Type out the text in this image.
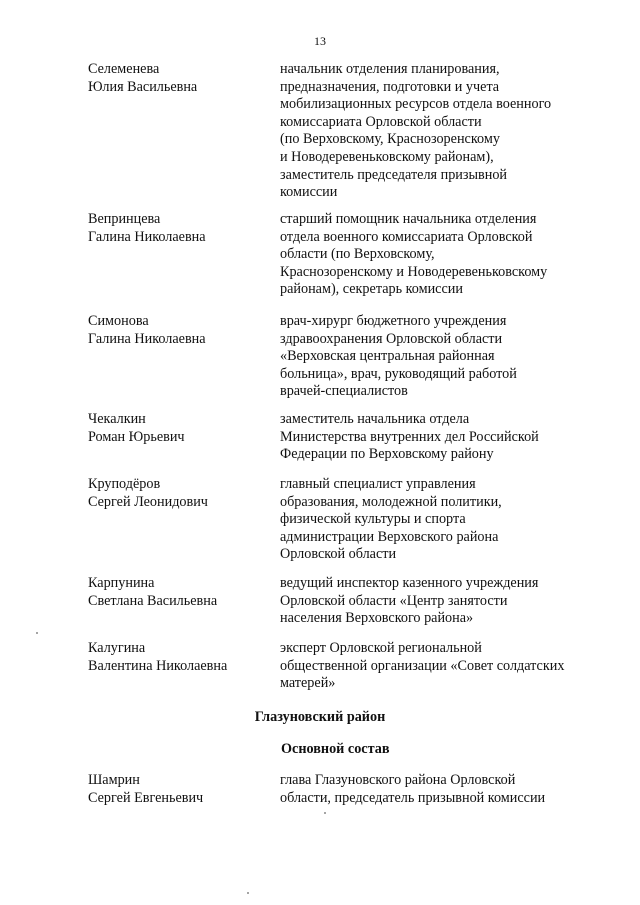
13
Селеменева
Юлия Васильевна
начальник отделения планирования,
предназначения, подготовки и учета
мобилизационных ресурсов отдела военного
комиссариата Орловской области
(по Верховскому, Краснозоренскому
и Новодеревеньковскому районам),
заместитель председателя призывной
комиссии
Вепринцева
Галина Николаевна
старший помощник начальника отделения
отдела военного комиссариата Орловской
области (по Верховскому,
Краснозоренскому и Новодеревеньковскому
районам), секретарь комиссии
Симонова
Галина Николаевна
врач-хирург бюджетного учреждения
здравоохранения Орловской области
«Верховская центральная районная
больница», врач, руководящий работой
врачей-специалистов
Чекалкин
Роман Юрьевич
заместитель начальника отдела
Министерства внутренних дел Российской
Федерации по Верховскому району
Круподёров
Сергей Леонидович
главный специалист управления
образования, молодежной политики,
физической культуры и спорта
администрации Верховского района
Орловской области
Карпунина
Светлана Васильевна
ведущий инспектор казенного учреждения
Орловской области «Центр занятости
населения Верховского района»
Калугина
Валентина Николаевна
эксперт Орловской региональной
общественной организации «Совет солдатских
матерей»
Глазуновский район
Основной состав
Шамрин
Сергей Евгеньевич
глава Глазуновского района Орловской
области, председатель призывной комиссии
